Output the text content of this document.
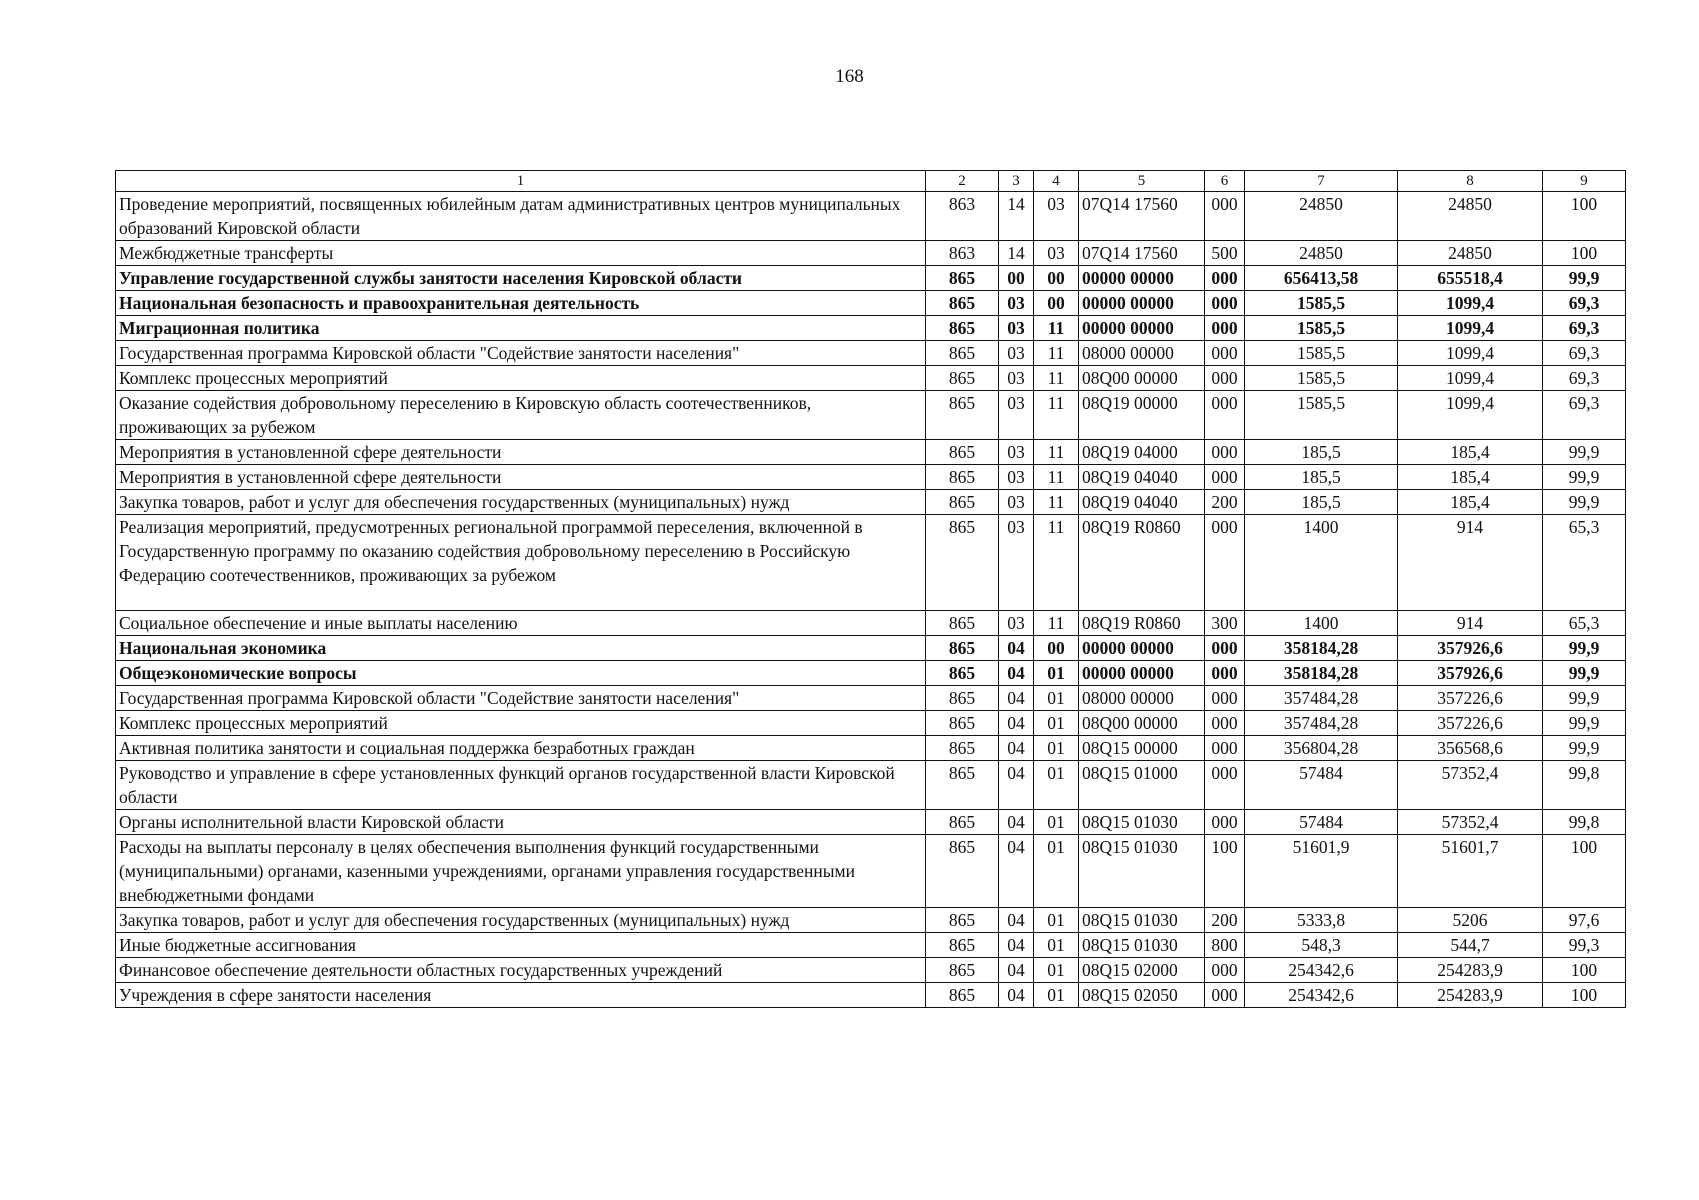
168
1	2	3	4	5	6	7	8	9
Проведение мероприятий, посвященных юбилейным датам административных центров муниципальных образований Кировской области	863	14	03	07Q14 17560	000	24850	24850	100
Межбюджетные трансферты	863	14	03	07Q14 17560	500	24850	24850	100
Управление государственной службы занятости населения Кировской области	865	00	00	00000 00000	000	656413,58	655518,4	99,9
Национальная безопасность и правоохранительная деятельность	865	03	00	00000 00000	000	1585,5	1099,4	69,3
Миграционная политика	865	03	11	00000 00000	000	1585,5	1099,4	69,3
Государственная программа Кировской области "Содействие занятости населения"	865	03	11	08000 00000	000	1585,5	1099,4	69,3
Комплекс процессных мероприятий	865	03	11	08Q00 00000	000	1585,5	1099,4	69,3
Оказание содействия добровольному переселению в Кировскую область соотечественников, проживающих за рубежом	865	03	11	08Q19 00000	000	1585,5	1099,4	69,3
Мероприятия в установленной сфере деятельности	865	03	11	08Q19 04000	000	185,5	185,4	99,9
Мероприятия в установленной сфере деятельности	865	03	11	08Q19 04040	000	185,5	185,4	99,9
Закупка товаров, работ и услуг для обеспечения государственных (муниципальных) нужд	865	03	11	08Q19 04040	200	185,5	185,4	99,9
Реализация мероприятий, предусмотренных региональной программой переселения, включенной в Государственную программу по оказанию содействия добровольному переселению в Российскую Федерацию соотечественников, проживающих за рубежом	865	03	11	08Q19 R0860	000	1400	914	65,3
Социальное обеспечение и иные выплаты населению	865	03	11	08Q19 R0860	300	1400	914	65,3
Национальная экономика	865	04	00	00000 00000	000	358184,28	357926,6	99,9
Общеэкономические вопросы	865	04	01	00000 00000	000	358184,28	357926,6	99,9
Государственная программа Кировской области "Содействие занятости населения"	865	04	01	08000 00000	000	357484,28	357226,6	99,9
Комплекс процессных мероприятий	865	04	01	08Q00 00000	000	357484,28	357226,6	99,9
Активная политика занятости и социальная поддержка безработных граждан	865	04	01	08Q15 00000	000	356804,28	356568,6	99,9
Руководство и управление в сфере установленных функций органов государственной власти Кировской области	865	04	01	08Q15 01000	000	57484	57352,4	99,8
Органы исполнительной власти Кировской области	865	04	01	08Q15 01030	000	57484	57352,4	99,8
Расходы на выплаты персоналу в целях обеспечения выполнения функций государственными (муниципальными) органами, казенными учреждениями, органами управления государственными внебюджетными фондами	865	04	01	08Q15 01030	100	51601,9	51601,7	100
Закупка товаров, работ и услуг для обеспечения государственных (муниципальных) нужд	865	04	01	08Q15 01030	200	5333,8	5206	97,6
Иные бюджетные ассигнования	865	04	01	08Q15 01030	800	548,3	544,7	99,3
Финансовое обеспечение деятельности областных государственных учреждений	865	04	01	08Q15 02000	000	254342,6	254283,9	100
Учреждения в сфере занятости населения	865	04	01	08Q15 02050	000	254342,6	254283,9	100
